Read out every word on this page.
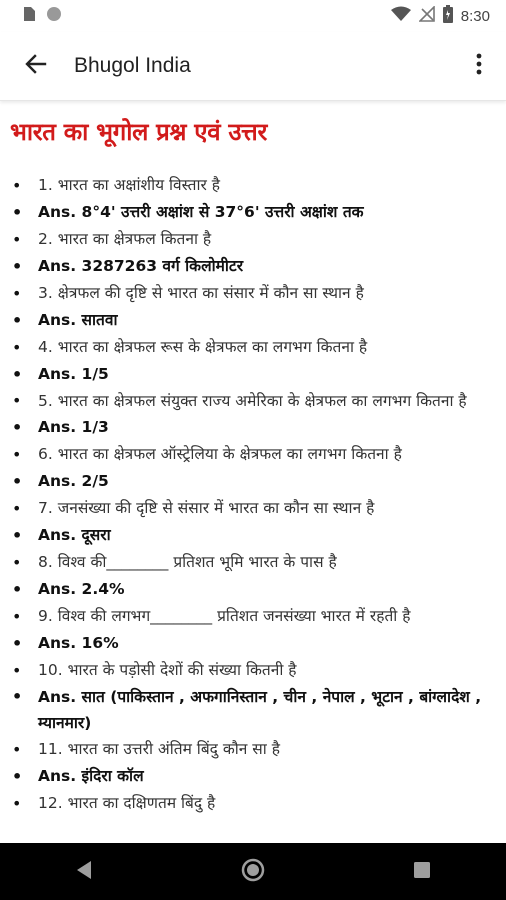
8:30
Bhugol India
भारत का भूगोल प्रश्न एवं उत्तर
• 1. भारत का अक्षांशीय विस्तार है
• Ans. 8°4' उत्तरी अक्षांश से 37°6' उत्तरी अक्षांश तक
• 2. भारत का क्षेत्रफल कितना है
• Ans. 3287263 वर्ग किलोमीटर
• 3. क्षेत्रफल की दृष्टि से भारत का संसार में कौन सा स्थान है
• Ans. सातवा
• 4. भारत का क्षेत्रफल रूस के क्षेत्रफल का लगभग कितना है
• Ans. 1/5
• 5. भारत का क्षेत्रफल संयुक्त राज्य अमेरिका के क्षेत्रफल का लगभग कितना है
• Ans. 1/3
• 6. भारत का क्षेत्रफल ऑस्ट्रेलिया के क्षेत्रफल का लगभग कितना है
• Ans. 2/5
• 7. जनसंख्या की दृष्टि से संसार में भारत का कौन सा स्थान है
• Ans. दूसरा
• 8. विश्व की________ प्रतिशत भूमि भारत के पास है
• Ans. 2.4%
• 9. विश्व की लगभग________ प्रतिशत जनसंख्या भारत में रहती है
• Ans. 16%
• 10. भारत के पड़ोसी देशों की संख्या कितनी है
• Ans. सात (पाकिस्तान , अफगानिस्तान , चीन , नेपाल , भूटान , बांग्लादेश , म्यानमार)
• 11. भारत का उत्तरी अंतिम बिंदु कौन सा है
• Ans. इंदिरा कॉल
• 12. भारत का दक्षिणतम बिंदु है
